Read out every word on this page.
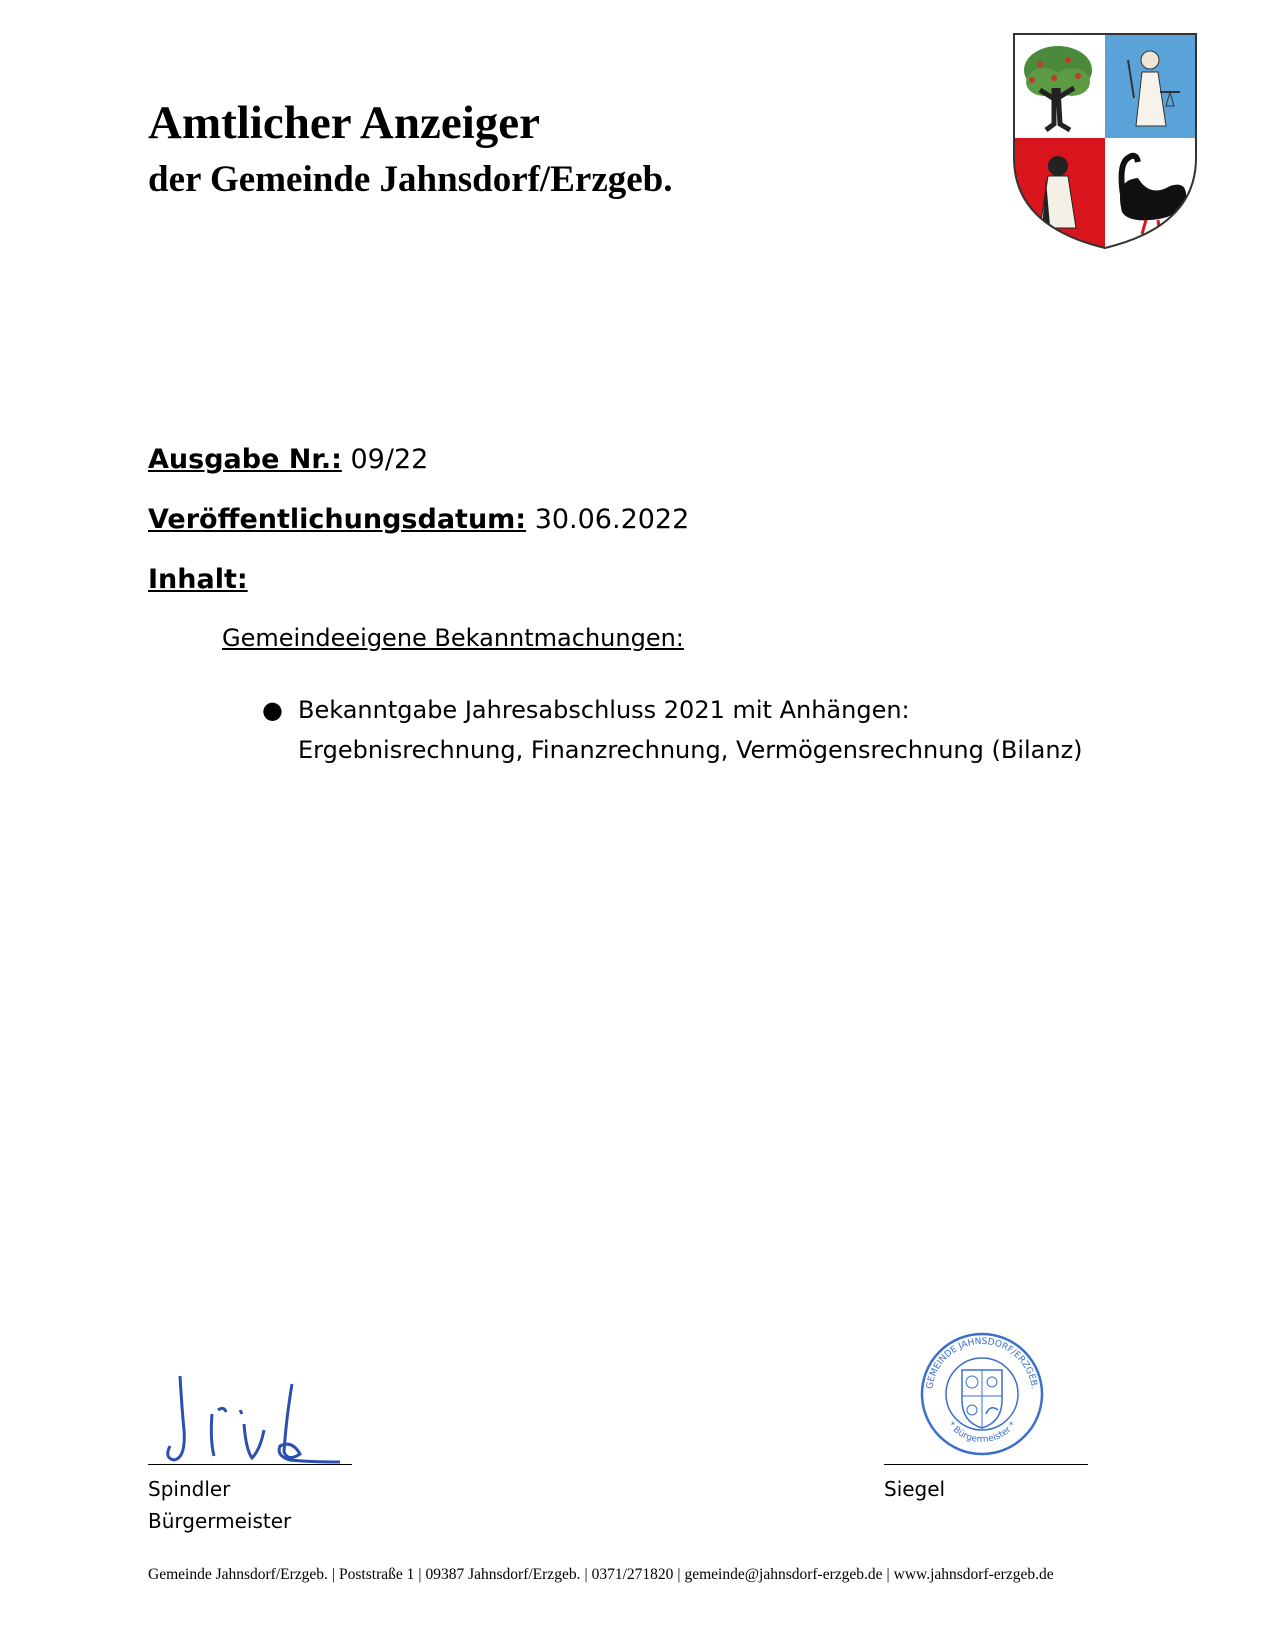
Amtlicher Anzeiger
der Gemeinde Jahnsdorf/Erzgeb.
Ausgabe Nr.: 09/22
Veröffentlichungsdatum: 30.06.2022
Inhalt:
Gemeindeeigene Bekanntmachungen:
● Bekanntgabe Jahresabschluss 2021 mit Anhängen:
Ergebnisrechnung, Finanzrechnung, Vermögensrechnung (Bilanz)
Spindler
Bürgermeister
Siegel
GEMEINDE JAHNSDORF/ERZGEB.
* Bürgermeister *
Gemeinde Jahnsdorf/Erzgeb. | Poststraße 1 | 09387 Jahnsdorf/Erzgeb. | 0371/271820 | gemeinde@jahnsdorf-erzgeb.de | www.jahnsdorf-erzgeb.de
